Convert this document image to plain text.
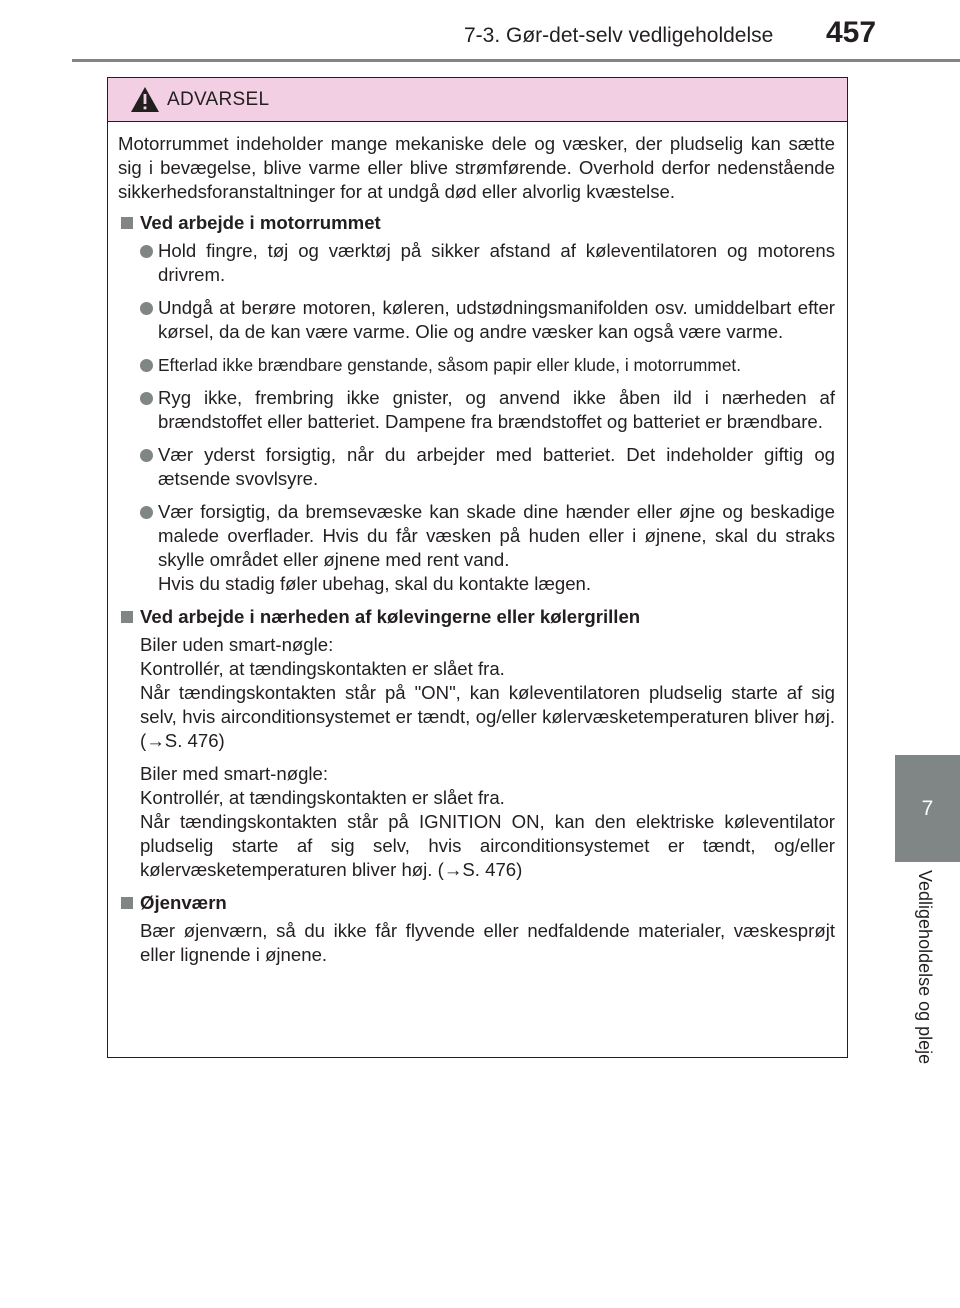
7-3. Gør-det-selv vedligeholdelse 457
7
Vedligeholdelse og pleje
ADVARSEL

Motorrummet indeholder mange mekaniske dele og væsker, der pludselig kan sætte sig i bevægelse, blive varme eller blive strømførende. Overhold derfor nedenstående sikkerhedsforanstaltninger for at undgå død eller alvorlig kvæstelse.

Ved arbejde i motorrummet
Hold fingre, tøj og værktøj på sikker afstand af køleventilatoren og motorens drivrem.
Undgå at berøre motoren, køleren, udstødningsmanifolden osv. umiddelbart efter kørsel, da de kan være varme. Olie og andre væsker kan også være varme.
Efterlad ikke brændbare genstande, såsom papir eller klude, i motorrummet.
Ryg ikke, frembring ikke gnister, og anvend ikke åben ild i nærheden af brændstoffet eller batteriet. Dampene fra brændstoffet og batteriet er brændbare.
Vær yderst forsigtig, når du arbejder med batteriet. Det indeholder giftig og ætsende svovlsyre.

Vær forsigtig, da bremsevæske kan skade dine hænder eller øjne og beskadige malede overflader. Hvis du får væsken på huden eller i øjnene, skal du straks skylle området eller øjnene med rent vand.

Hvis du stadig føler ubehag, skal du kontakte lægen.

Ved arbejde i nærheden af kølevingerne eller kølergrillen

Biler uden smart-nøgle:

Kontrollér, at tændingskontakten er slået fra.

Når tændingskontakten står på "ON", kan køleventilatoren pludselig starte af sig selv, hvis airconditionsystemet er tændt, og/eller kølervæsketemperaturen bliver høj. (→S. 476)

Biler med smart-nøgle:

Kontrollér, at tændingskontakten er slået fra.

Når tændingskontakten står på IGNITION ON, kan den elektriske køleventilator pludselig starte af sig selv, hvis airconditionsystemet er tændt, og/eller kølervæsketemperaturen bliver høj. (→S. 476)

Øjenværn

Bær øjenværn, så du ikke får flyvende eller nedfaldende materialer, væskesprøjt eller lignende i øjnene.
